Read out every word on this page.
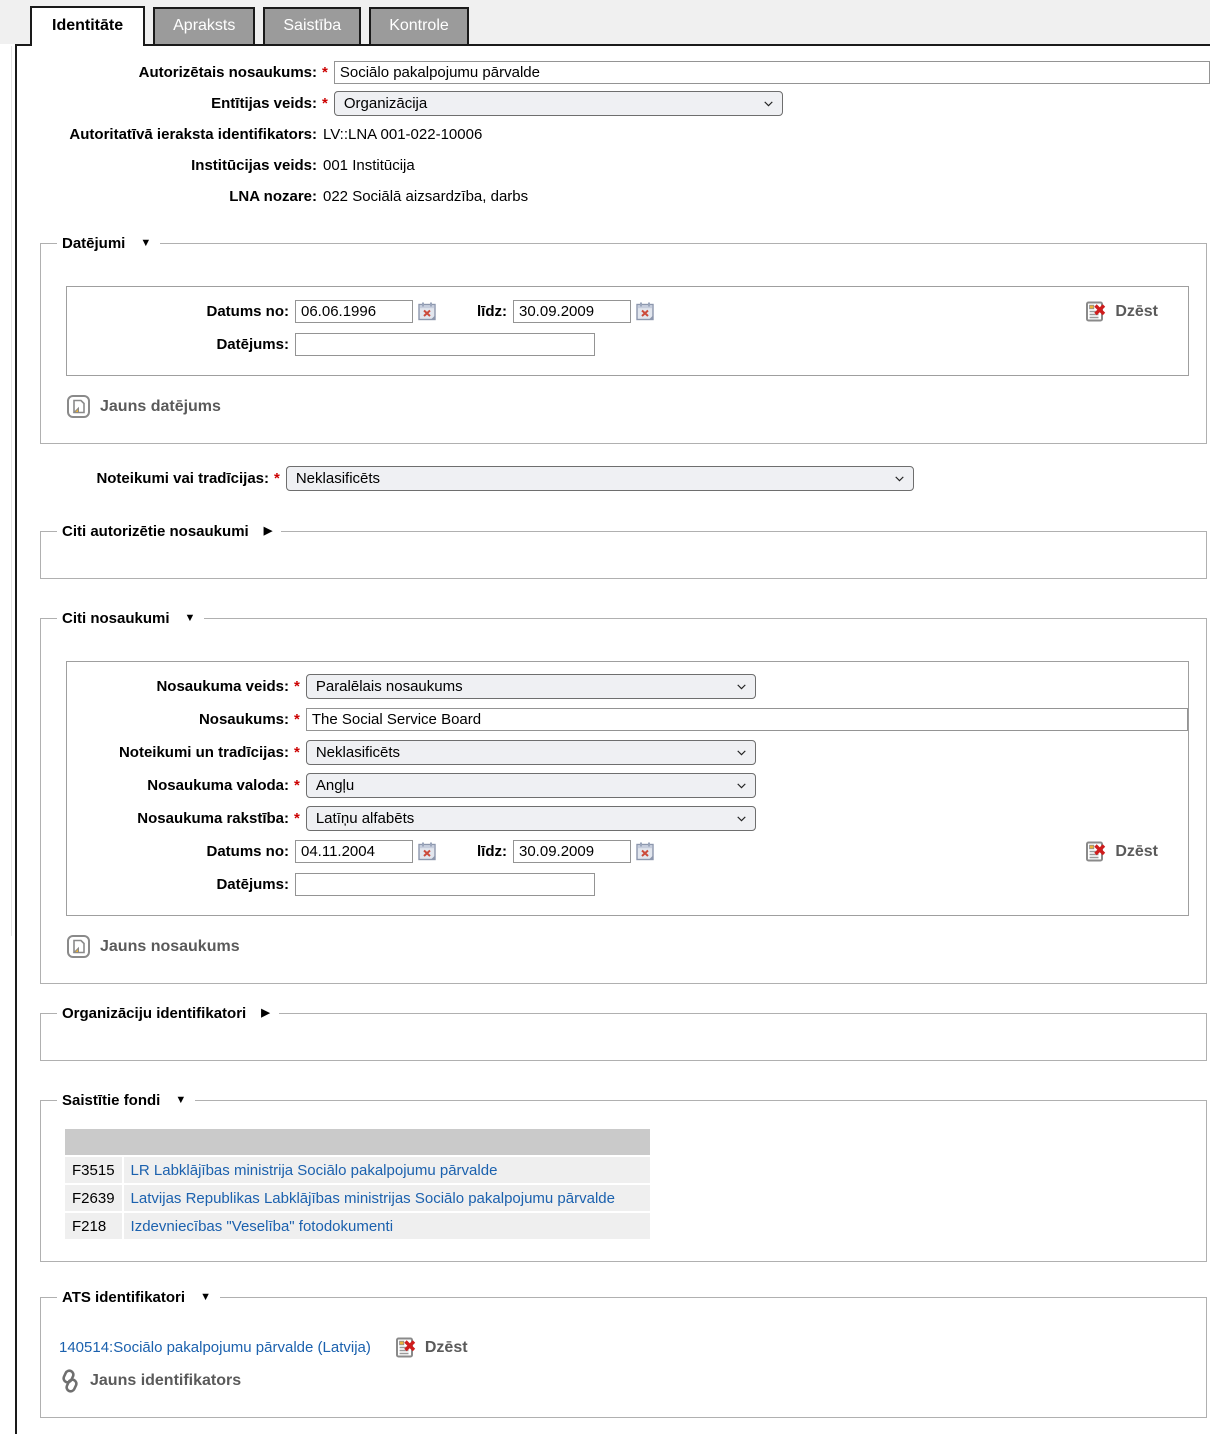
Identitāte	Apraksts	Saistība	Kontrole
Autorizētais nosaukums: *
Sociālo pakalpojumu pārvalde
Entītijas veids: * Organizācija
Autoritatīvā ieraksta identifikators: LV::LNA 001-022-10006
Institūcijas veids: 001 Institūcija
LNA nozare: 022 Sociālā aizsardzība, darbs
Datējumi ▼
Datums no:
06.06.1996	līdz:
30.09.2009	Dzēst
Datējums:
Jauns datējums
Noteikumi vai tradīcijas: * Neklasificēts
Citi autorizētie nosaukumi ▶
Citi nosaukumi ▼
Nosaukuma veids: * Paralēlais nosaukums
Nosaukums: *
The Social Service Board
Noteikumi un tradīcijas: * Neklasificēts
Nosaukuma valoda: * Angļu
Nosaukuma rakstība: * Latīņu alfabēts
Datums no:
04.11.2004	līdz:
30.09.2009	Dzēst
Datējums:
Jauns nosaukums
Organizāciju identifikatori ▶
Saistītie fondi ▼

F3515	LR Labklājības ministrija Sociālo pakalpojumu pārvalde
F2639	Latvijas Republikas Labklājības ministrijas Sociālo pakalpojumu pārvalde
F218	Izdevniecības "Veselība" fotodokumenti
ATS identifikatori ▼
140514:Sociālo pakalpojumu pārvalde (Latvija)	Dzēst
Jauns identifikators
